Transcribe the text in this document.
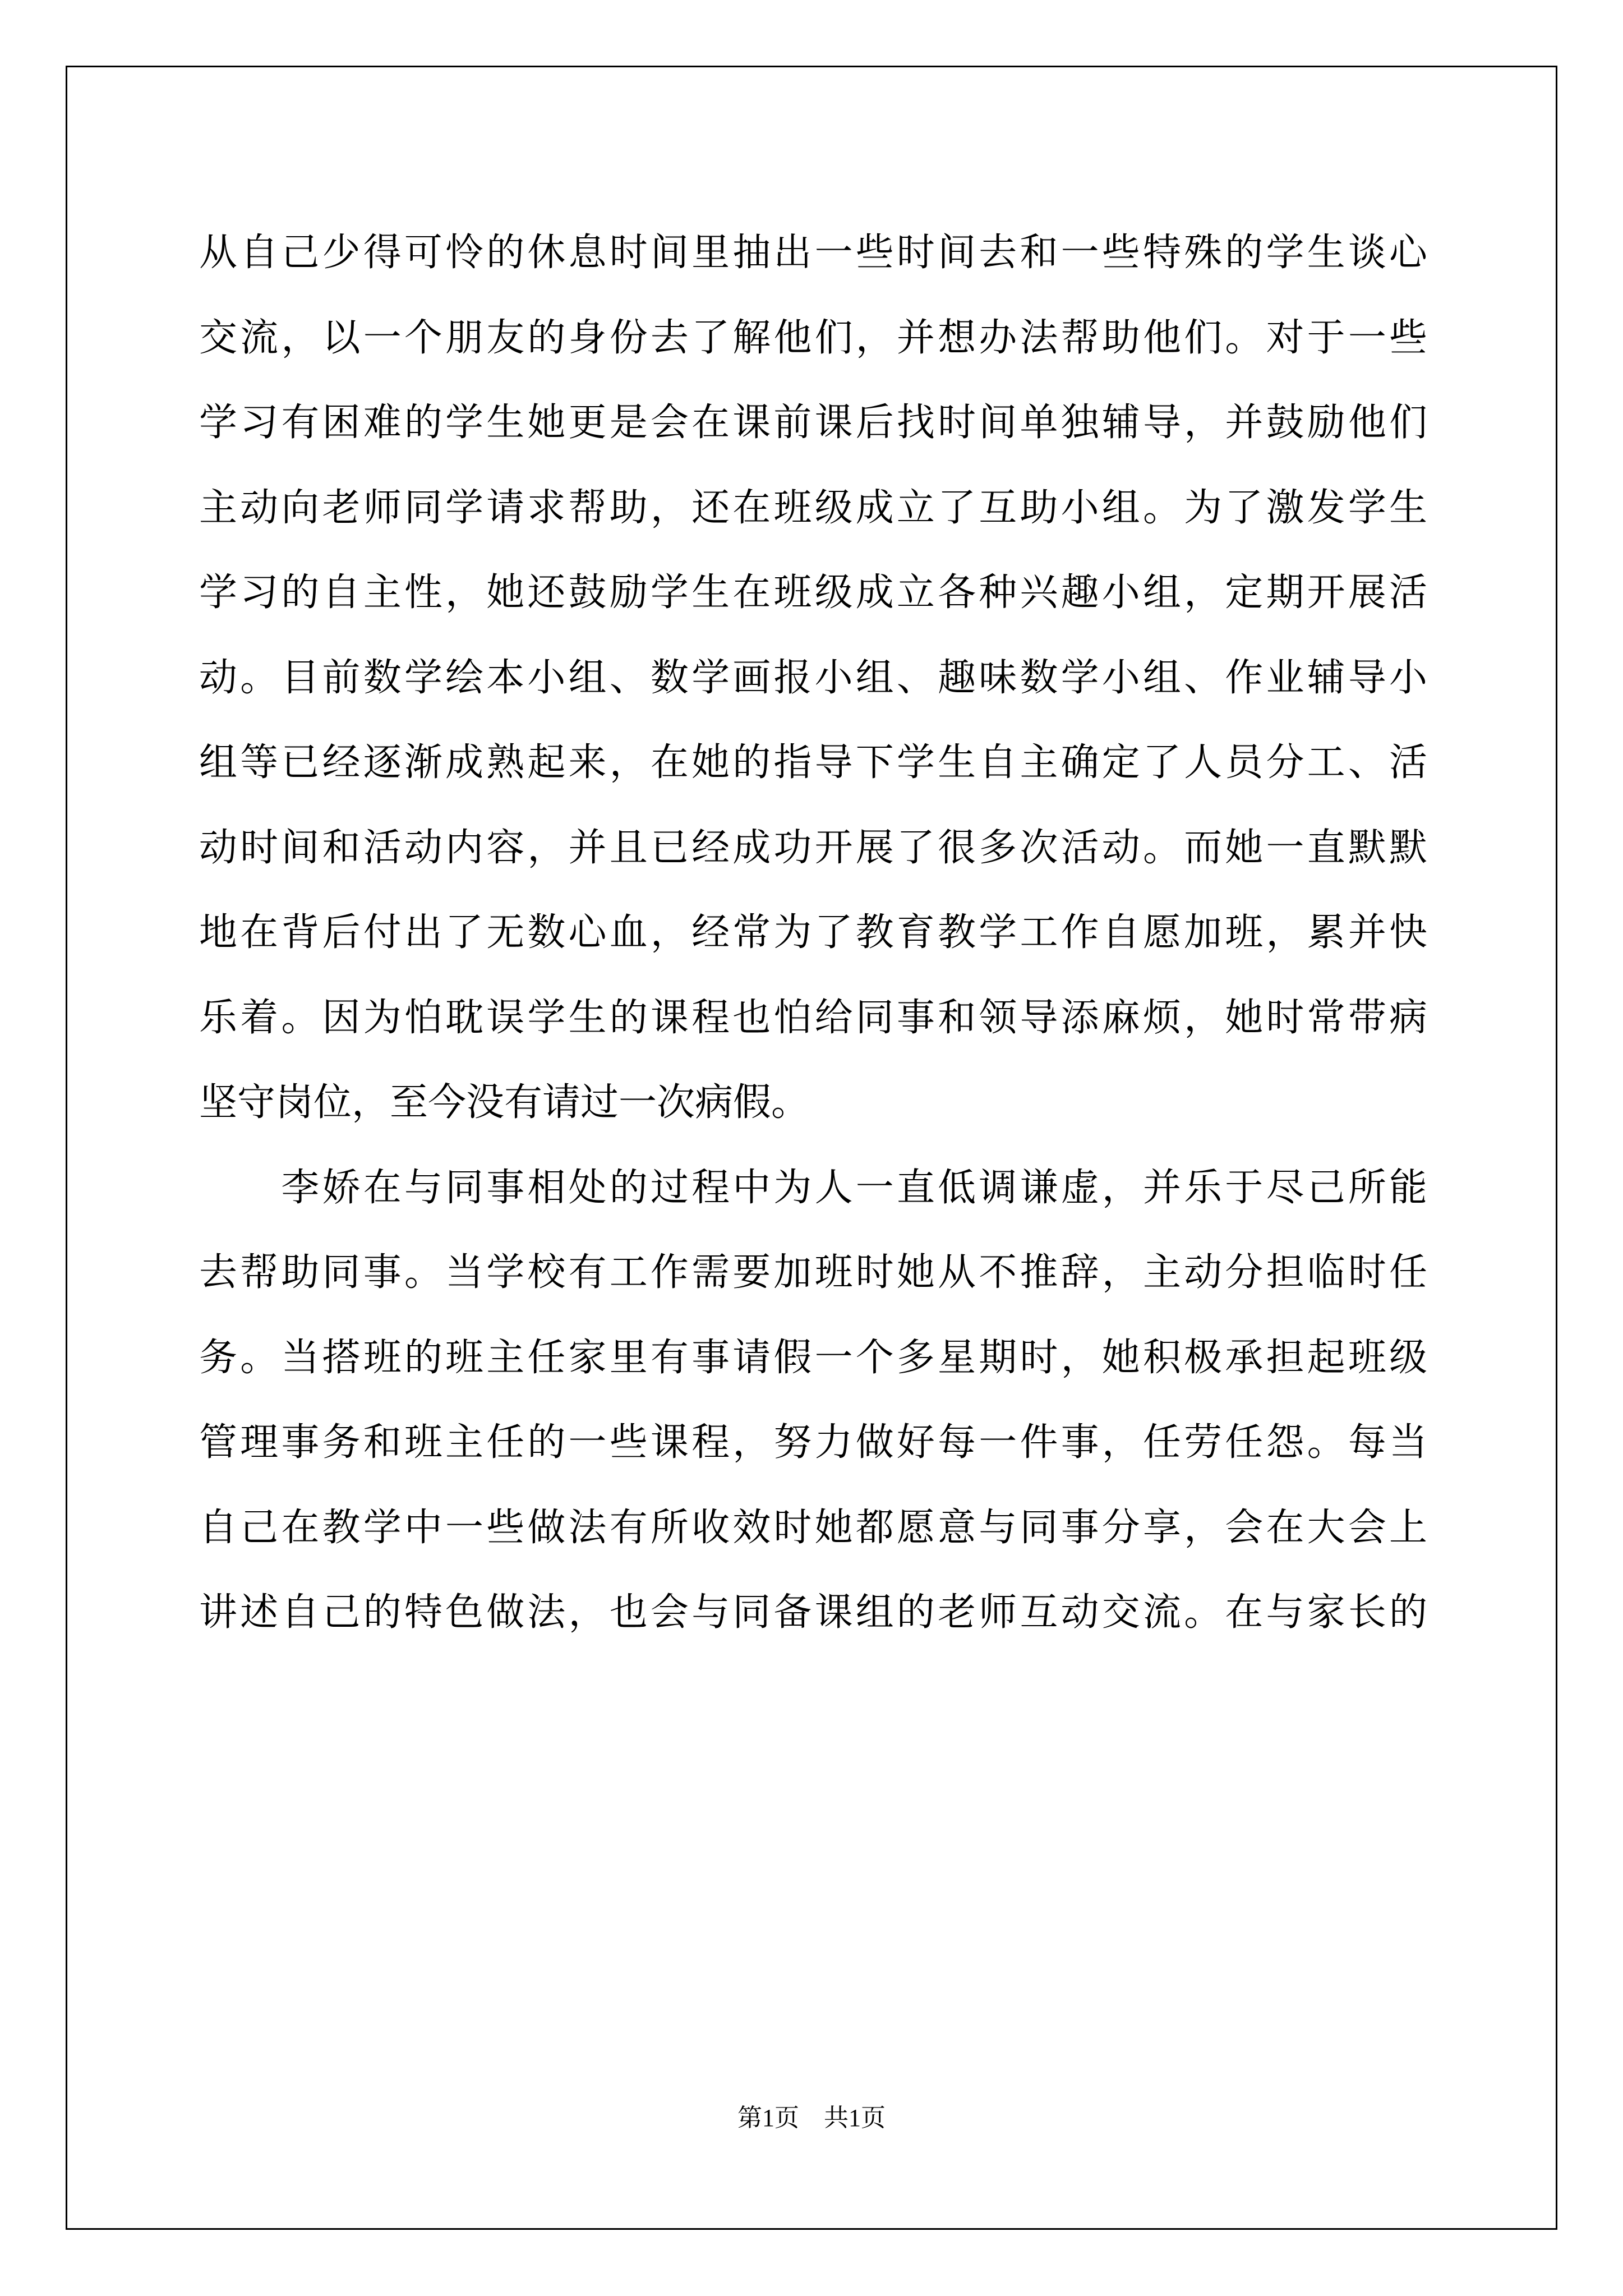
从自己少得可怜的休息时间里抽出一些时间去和一些特殊的学生谈心
交流，以一个朋友的身份去了解他们，并想办法帮助他们。对于一些
学习有困难的学生她更是会在课前课后找时间单独辅导，并鼓励他们
主动向老师同学请求帮助，还在班级成立了互助小组。为了激发学生
学习的自主性，她还鼓励学生在班级成立各种兴趣小组，定期开展活
动。目前数学绘本小组、数学画报小组、趣味数学小组、作业辅导小
组等已经逐渐成熟起来，在她的指导下学生自主确定了人员分工、活
动时间和活动内容，并且已经成功开展了很多次活动。而她一直默默
地在背后付出了无数心血，经常为了教育教学工作自愿加班，累并快
乐着。因为怕耽误学生的课程也怕给同事和领导添麻烦，她时常带病
坚守岗位，至今没有请过一次病假。
　　李娇在与同事相处的过程中为人一直低调谦虚，并乐于尽己所能
去帮助同事。当学校有工作需要加班时她从不推辞，主动分担临时任
务。当搭班的班主任家里有事请假一个多星期时，她积极承担起班级
管理事务和班主任的一些课程，努力做好每一件事，任劳任怨。每当
自己在教学中一些做法有所收效时她都愿意与同事分享，会在大会上
讲述自己的特色做法，也会与同备课组的老师互动交流。在与家长的
第1页　共1页
